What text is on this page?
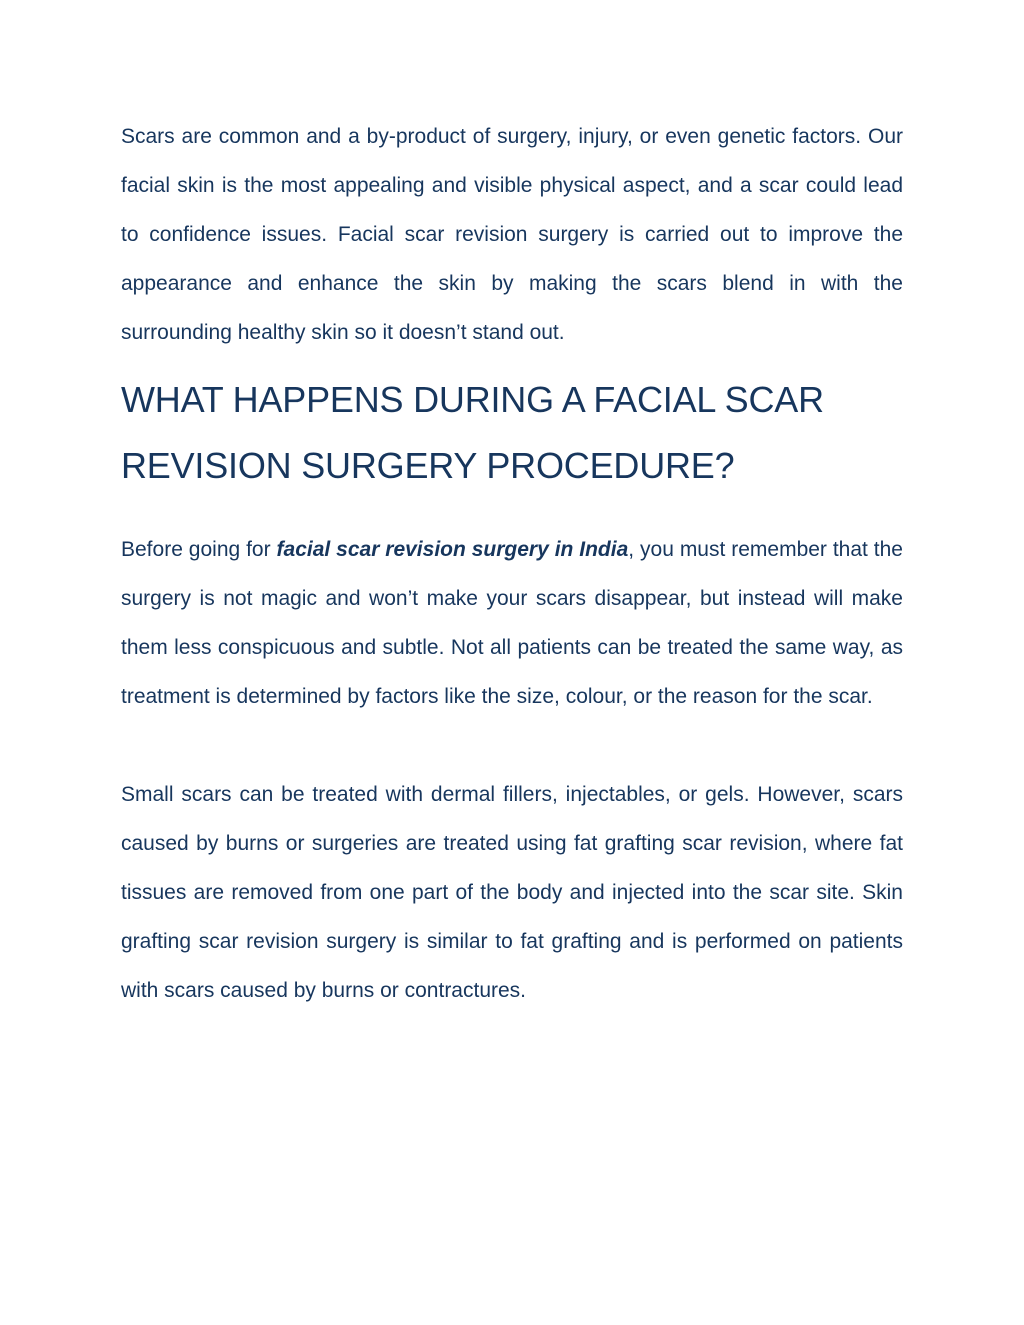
Scars are common and a by-product of surgery, injury, or even genetic factors. Our facial skin is the most appealing and visible physical aspect, and a scar could lead to confidence issues. Facial scar revision surgery is carried out to improve the appearance and enhance the skin by making the scars blend in with the surrounding healthy skin so it doesn’t stand out.

WHAT HAPPENS DURING A FACIAL SCAR REVISION SURGERY PROCEDURE?

Before going for facial scar revision surgery in India, you must remember that the surgery is not magic and won’t make your scars disappear, but instead will make them less conspicuous and subtle. Not all patients can be treated the same way, as treatment is determined by factors like the size, colour, or the reason for the scar.

Small scars can be treated with dermal fillers, injectables, or gels. However, scars caused by burns or surgeries are treated using fat grafting scar revision, where fat tissues are removed from one part of the body and injected into the scar site. Skin grafting scar revision surgery is similar to fat grafting and is performed on patients with scars caused by burns or contractures.
